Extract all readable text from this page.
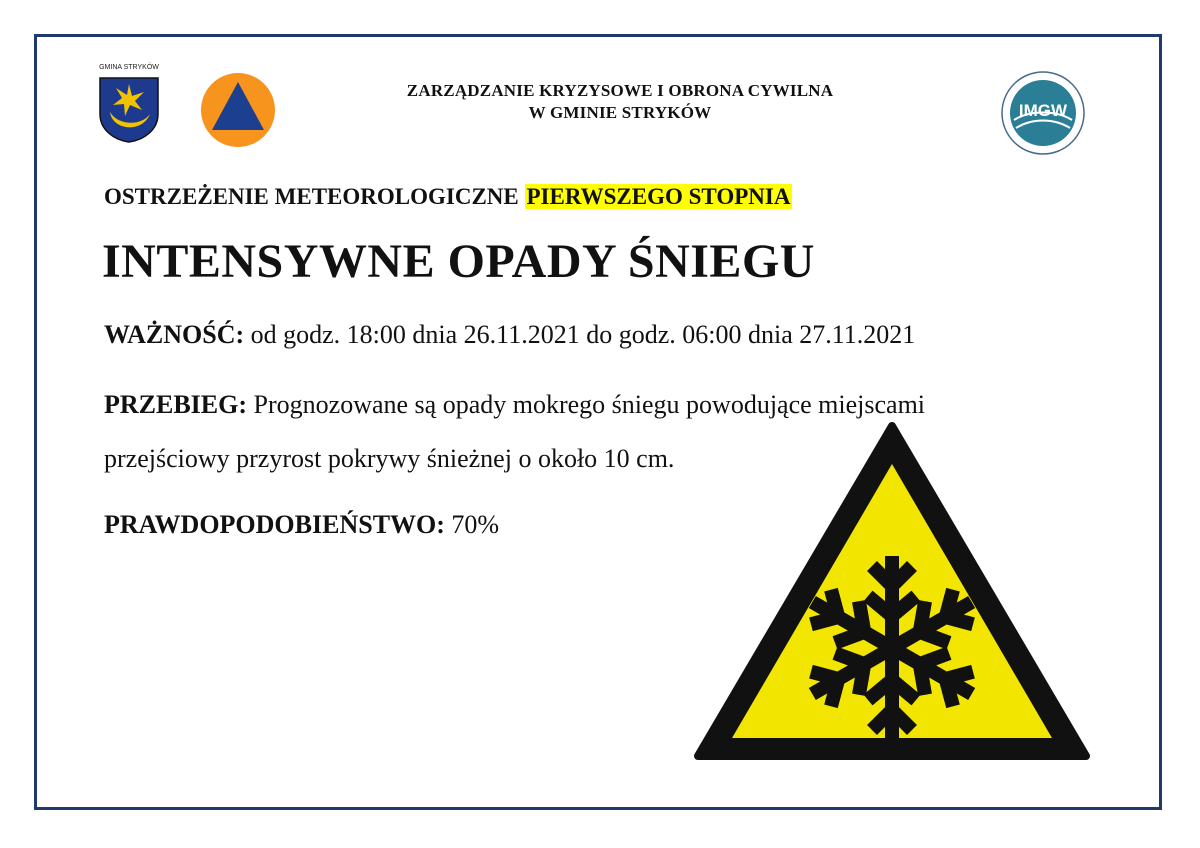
GMINA STRYKÓW
ZARZĄDZANIE KRYZYSOWE I OBRONA CYWILNA
W GMINIE STRYKÓW	IMGW
OSTRZEŻENIE METEOROLOGICZNE PIERWSZEGO STOPNIA
INTENSYWNE OPADY ŚNIEGU
WAŻNOŚĆ: od godz. 18:00 dnia 26.11.2021 do godz. 06:00 dnia 27.11.2021
PRZEBIEG: Prognozowane są opady mokrego śniegu powodujące miejscami
przejściowy przyrost pokrywy śnieżnej o około 10 cm.
PRAWDOPODOBIEŃSTWO: 70%
